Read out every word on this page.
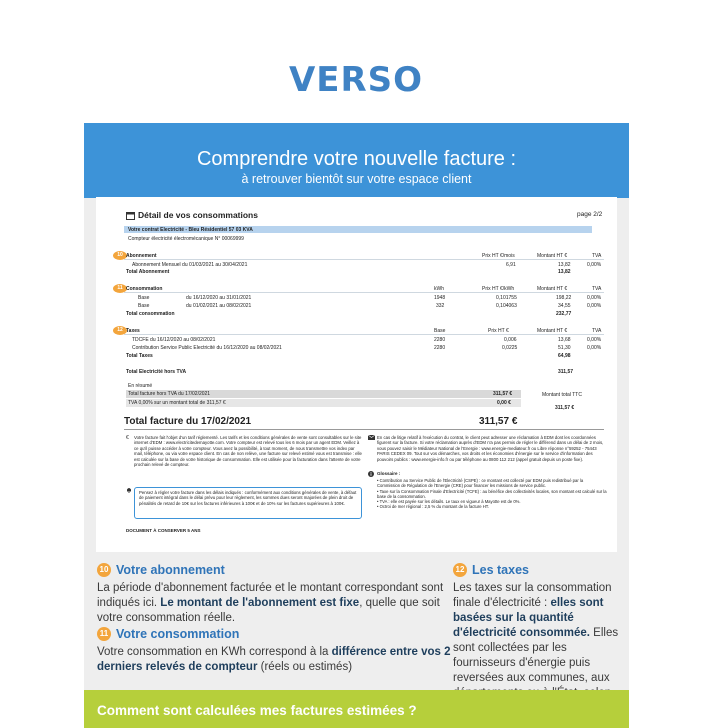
VERSO
Comprendre votre nouvelle facture :
à retrouver bientôt sur votre espace client
Détail de vos consommations	page 2/2
Votre contrat Electricité - Bleu Résidentiel 57 03 KVA
Compteur électricité électromécanique N° 00069999
10 Abonnement	Prix HT €/mois	Montant HT €	TVA
Abonnement Mensuel du 01/03/2021 au 30/04/2021	6,91	13,82	0,00%
Total Abonnement	13,82
11 Consommation	kWh	Prix HT €/kWh	Montant HT €	TVA
Base	du 16/12/2020 au 31/01/2021	1948	0,101755	198,22	0,00%
Base	du 01/02/2021 au 08/02/2021	332	0,104063	34,55	0,00%
Total consommation	232,77
12 Taxes	Base	Prix HT €	Montant HT €	TVA
TDCFE du 16/12/2020 au 08/02/2021	2280	0,006	13,68	0,00%
Contribution Service Public Electricité du 16/12/2020 au 08/02/2021	2280	0,0225	51,30	0,00%
Total Taxes	64,98
Total Electricité hors TVA	311,57
En résumé
Total facture hors TVA du 17/02/2021	311,57 €
TVA 0,00% sur un montant total de 311,57 €	0,00 €
Montant total TTC
311,57 €
Total facture du 17/02/2021	311,57 €
€ Votre facture fait l'objet d'un tarif réglementé. Les tarifs et les conditions générales de vente sont consultables sur le site internet d'EDM : www.electricitedemayotte.com. Votre compteur est relevé tous les 6 mois par un agent EDM. Veillez à ce qu'il puisse accéder à votre compteur. Vous avez la possibilité, à tout moment, de nous transmettre vos index par mail, téléphone, ou via votre espace client. En cas de non relève, une facture sur relevé estimé vous est transmise : elle est calculée sur la base de votre historique de consommation. Elle est utilisée pour la facturation dans l'attente de votre prochain relevé de compteur.
Pensez à régler votre facture dans les délais indiqués : conformément aux conditions générales de vente, à défaut de paiement intégral dans le délai prévu pour leur règlement, les sommes dues seront majorées de plein droit de pénalités de retard de 10€ sur les factures inférieures à 100€ et de 10% sur les factures supérieures à 100€.
DOCUMENT À CONSERVER 5 ANS
En cas de litige relatif à l'exécution du contrat, le client peut adresser une réclamation à EDM dont les coordonnées figurent sur la facture. Si votre réclamation auprès d'EDM n'a pas permis de régler le différend dans un délai de 2 mois, vous pouvez saisir le Médiateur National de l'Energie : www.energie-mediateur.fr ou Libre réponse n°59252 - 75443 PARIS CEDEX 09. Tout sur vos démarches, vos droits et les économies d'énergie sur le service d'information des pouvoirs publics : www.energie-info.fr ou par téléphone au 0800 112 212 (appel gratuit depuis un poste fixe).
Glossaire :
• Contribution au Service Public de l'Electricité (CSPE) : ce montant est collecté par EDM puis redistribué par la Commission de Régulation de l'Energie (CRE) pour financer les missions de service public.
• Taxe sur la Consommation Finale d'Electricité (TCFE) : au bénéfice des collectivités locales, son montant est calculé sur la base de la consommation.
• TVA : elle est payée sur les détails. Le taux en vigueur à Mayotte est de 0%.
• Octroi de mer régional : 2,5 % du montant de la facture HT.
10 Votre abonnement
La période d'abonnement facturée et le montant correspondant sont indiqués ici. Le montant de l'abonnement est fixe, quelle que soit votre consommation réelle.
11 Votre consommation
Votre consommation en KWh correspond à la différence entre vos 2 derniers relevés de compteur (réels ou estimés)
12 Les taxes
Les taxes sur la consommation finale d'électricité : elles sont basées sur la quantité d'électricité consommée. Elles sont collectées par les fournisseurs d'énergie puis reversées aux communes, aux
Comment sont calculées mes factures estimées ?
